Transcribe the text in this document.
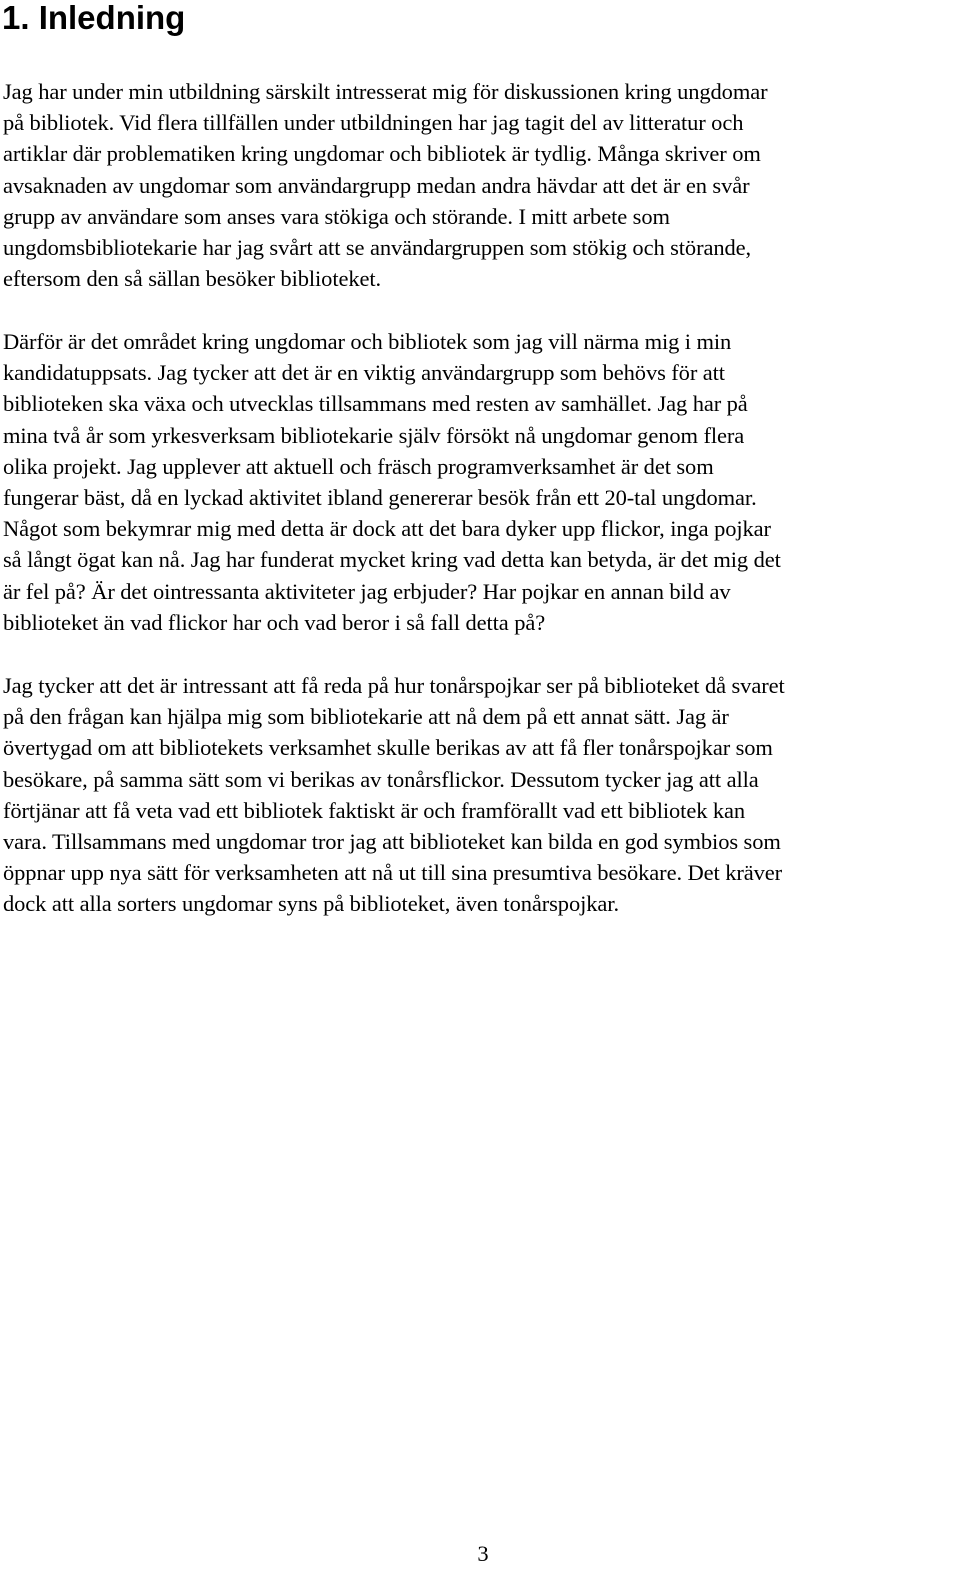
1. Inledning

Jag har under min utbildning särskilt intresserat mig för diskussionen kring ungdomar
på bibliotek. Vid flera tillfällen under utbildningen har jag tagit del av litteratur och
artiklar där problematiken kring ungdomar och bibliotek är tydlig. Många skriver om
avsaknaden av ungdomar som användargrupp medan andra hävdar att det är en svår
grupp av användare som anses vara stökiga och störande. I mitt arbete som
ungdomsbibliotekarie har jag svårt att se användargruppen som stökig och störande,
eftersom den så sällan besöker biblioteket.

Därför är det området kring ungdomar och bibliotek som jag vill närma mig i min
kandidatuppsats. Jag tycker att det är en viktig användargrupp som behövs för att
biblioteken ska växa och utvecklas tillsammans med resten av samhället. Jag har på
mina två år som yrkesverksam bibliotekarie själv försökt nå ungdomar genom flera
olika projekt. Jag upplever att aktuell och fräsch programverksamhet är det som
fungerar bäst, då en lyckad aktivitet ibland genererar besök från ett 20-tal ungdomar.
Något som bekymrar mig med detta är dock att det bara dyker upp flickor, inga pojkar
så långt ögat kan nå. Jag har funderat mycket kring vad detta kan betyda, är det mig det
är fel på? Är det ointressanta aktiviteter jag erbjuder? Har pojkar en annan bild av
biblioteket än vad flickor har och vad beror i så fall detta på?

Jag tycker att det är intressant att få reda på hur tonårspojkar ser på biblioteket då svaret
på den frågan kan hjälpa mig som bibliotekarie att nå dem på ett annat sätt. Jag är
övertygad om att bibliotekets verksamhet skulle berikas av att få fler tonårspojkar som
besökare, på samma sätt som vi berikas av tonårsflickor. Dessutom tycker jag att alla
förtjänar att få veta vad ett bibliotek faktiskt är och framförallt vad ett bibliotek kan
vara. Tillsammans med ungdomar tror jag att biblioteket kan bilda en god symbios som
öppnar upp nya sätt för verksamheten att nå ut till sina presumtiva besökare. Det kräver
dock att alla sorters ungdomar syns på biblioteket, även tonårspojkar.

3
